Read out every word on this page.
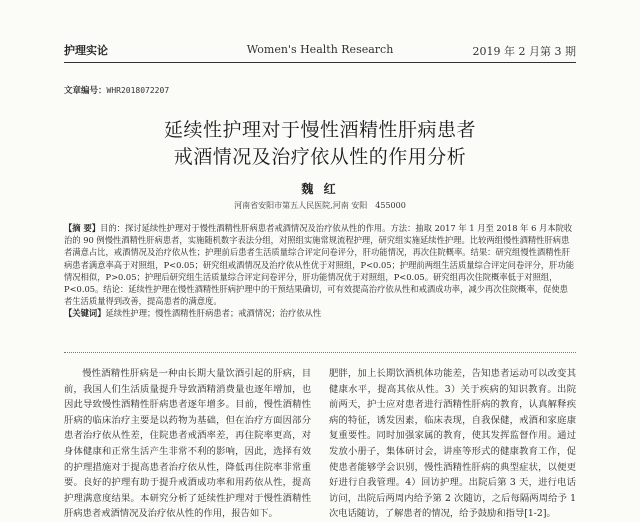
护理实论	Women's Health Research	2019 年 2 月第 3 期
文章编号：WHR2018072207
延续性护理对于慢性酒精性肝病患者
戒酒情况及治疗依从性的作用分析
魏 红
河南省安阳市第五人民医院,河南 安阳 455000
【摘 要】目的：探讨延续性护理对于慢性酒精性肝病患者戒酒情况及治疗依从性的作用。方法：抽取 2017 年 1 月至 2018 年 6 月本院收治的 90 例慢性酒精性肝病患者，实施随机数字表法分组，对照组实施常规流程护理，研究组实施延续性护理。比较两组慢性酒精性肝病患者满意占比，戒酒情况及治疗依从性；护理前后患者生活质量综合评定问卷评分，肝功能情况，再次住院概率。结果：研究组慢性酒精性肝病患者满意率高于对照组，P<0.05；研究组戒酒情况及治疗依从性优于对照组，P<0.05；护理前两组生活质量综合评定问卷评分，肝功能情况相似，P>0.05；护理后研究组生活质量综合评定问卷评分，肝功能情况优于对照组，P<0.05。研究组再次住院概率低于对照组，P<0.05。结论：延续性护理在慢性酒精性肝病护理中的干预结果确切，可有效提高治疗依从性和戒酒成功率，减少再次住院概率，促使患者生活质量得到改善，提高患者的满意度。
【关键词】延续性护理；慢性酒精性肝病患者；戒酒情况；治疗依从性
慢性酒精性肝病是一种由长期大量饮酒引起的肝病，目前，我国人们生活质量提升导致酒精消费量也逐年增加，也因此导致慢性酒精性肝病患者逐年增多。目前，慢性酒精性肝病的临床治疗主要是以药物为基础，但在治疗方面因部分患者治疗依从性差，住院患者戒酒率差，再住院率更高，对身体健康和正常生活产生非常不利的影响，因此，选择有效的护理措施对于提高患者治疗依从性，降低再住院率非常重要。良好的护理有助于提升戒酒成功率和用药依从性，提高护理满意度结果。本研究分析了延续性护理对于慢性酒精性肝病患者戒酒情况及治疗依从性的作用，报告如下。
肥胖，加上长期饮酒机体功能差，告知患者运动可以改变其健康水平，提高其依从性。3）关于疾病的知识教育。出院前两天，护士应对患者进行酒精性肝病的教育，认真解释疾病的特征，诱发因素，临床表现，自我保健，戒酒和家庭康复重要性。同时加强家属的教育，使其发挥监督作用。通过发放小册子，集体研讨会，讲座等形式的健康教育工作，促使患者能够学会识别，慢性酒精性肝病的典型症状，以便更好进行自我管理。4）回访护理。出院后第 3 天，进行电话访问，出院后两周内给予第 2 次随访，之后每隔两周给予 1 次电话随访，了解患者的情况，给予鼓励和指导[1-2]。
